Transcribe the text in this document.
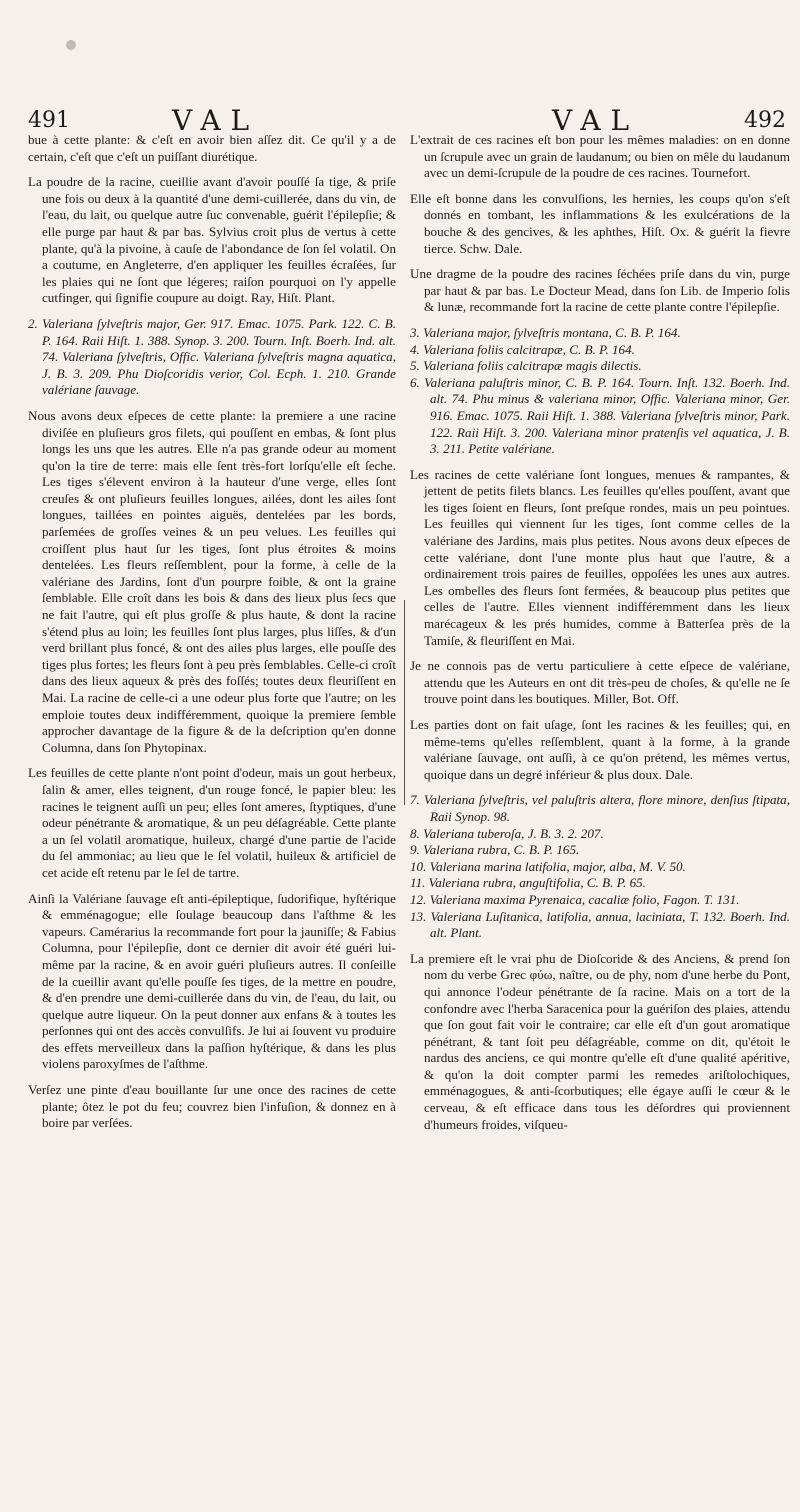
491	VAL	VAL	492

bue à cette plante: & c'eſt en avoir bien aſſez dit. Ce qu'il y a de certain, c'eſt que c'eſt un puiſſant diurétique.

La poudre de la racine, cueillie avant d'avoir pouſſé ſa tige, & priſe une fois ou deux à la quantité d'une demi-cuillerée, dans du vin, de l'eau, du lait, ou quelque autre ſuc convenable, guérit l'épilepſie; & elle purge par haut & par bas. Sylvius croit plus de vertus à cette plante, qu'à la pivoine, à cauſe de l'abondance de ſon ſel volatil. On a coutume, en Angleterre, d'en appliquer les feuilles écraſées, ſur les plaies qui ne ſont que légeres; raiſon pourquoi on l'y appelle cutfinger, qui ſignifie coupure au doigt. Ray, Hiſt. Plant.

2. Valeriana ſylveſtris major, Ger. 917. Emac. 1075. Park. 122. C. B. P. 164. Raii Hiſt. 1. 388. Synop. 3. 200. Tourn. Inſt. Boerh. Ind. alt. 74. Valeriana ſylveſtris, Offic. Valeriana ſylveſtris magna aquatica, J. B. 3. 209. Phu Dioſcoridis verior, Col. Ecph. 1. 210. Grande valériane ſauvage.

Nous avons deux eſpeces de cette plante: la premiere a une racine diviſée en pluſieurs gros filets, qui pouſſent en embas, & ſont plus longs les uns que les autres. Elle n'a pas grande odeur au moment qu'on la tire de terre: mais elle ſent très-fort lorſqu'elle eſt ſeche. Les tiges s'élevent environ à la hauteur d'une verge, elles ſont creuſes & ont pluſieurs feuilles longues, ailées, dont les ailes ſont longues, taillées en pointes aiguës, dentelées par les bords, parſemées de groſſes veines & un peu velues. Les feuilles qui croiſſent plus haut ſur les tiges, ſont plus étroites & moins dentelées. Les fleurs reſſemblent, pour la forme, à celle de la valériane des Jardins, ſont d'un pourpre foible, & ont la graine ſemblable. Elle croît dans les bois & dans des lieux plus ſecs que ne fait l'autre, qui eſt plus groſſe & plus haute, & dont la racine s'étend plus au loin; les feuilles ſont plus larges, plus liſſes, & d'un verd brillant plus foncé, & ont des ailes plus larges, elle pouſſe des tiges plus fortes; les fleurs ſont à peu près ſemblables. Celle-ci croît dans des lieux aqueux & près des foſſés; toutes deux fleuriſſent en Mai. La racine de celle-ci a une odeur plus forte que l'autre; on les emploie toutes deux indifféremment, quoique la premiere ſemble approcher davantage de la figure & de la deſcription qu'en donne Columna, dans ſon Phytopinax.

Les feuilles de cette plante n'ont point d'odeur, mais un gout herbeux, ſalin & amer, elles teignent, d'un rouge foncé, le papier bleu: les racines le teignent auſſi un peu; elles ſont ameres, ſtyptiques, d'une odeur pénétrante & aromatique, & un peu déſagréable. Cette plante a un ſel volatil aromatique, huileux, chargé d'une partie de l'acide du ſel ammoniac; au lieu que le ſel volatil, huileux & artificiel de cet acide eſt retenu par le ſel de tartre.

Ainſi la Valériane ſauvage eſt anti-épileptique, ſudorifique, hyſtérique & emménagogue; elle ſoulage beaucoup dans l'aſthme & les vapeurs. Camérarius la recommande fort pour la jauniſſe; & Fabius Columna, pour l'épilepſie, dont ce dernier dit avoir été guéri lui-même par la racine, & en avoir guéri pluſieurs autres. Il conſeille de la cueillir avant qu'elle pouſſe ſes tiges, de la mettre en poudre, & d'en prendre une demi-cuillerée dans du vin, de l'eau, du lait, ou quelque autre liqueur. On la peut donner aux enfans & à toutes les perſonnes qui ont des accès convulſifs. Je lui ai ſouvent vu produire des effets merveilleux dans la paſſion hyſtérique, & dans les plus violens paroxyſmes de l'aſthme.

Verſez une pinte d'eau bouillante ſur une once des racines de cette plante; ôtez le pot du feu; couvrez bien l'infuſion, & donnez en à boire par verſées.

L'extrait de ces racines eſt bon pour les mêmes maladies: on en donne un ſcrupule avec un grain de laudanum; ou bien on mêle du laudanum avec un demi-ſcrupule de la poudre de ces racines. Tournefort.

Elle eſt bonne dans les convulſions, les hernies, les coups qu'on s'eſt donnés en tombant, les inflammations & les exulcérations de la bouche & des gencives, & les aphthes, Hiſt. Ox. & guérit la fievre tierce. Schw. Dale.

Une dragme de la poudre des racines ſéchées priſe dans du vin, purge par haut & par bas. Le Docteur Mead, dans ſon Lib. de Imperio ſolis & lunæ, recommande fort la racine de cette plante contre l'épilepſie.

3. Valeriana major, ſylveſtris montana, C. B. P. 164.
4. Valeriana foliis calcitrapæ, C. B. P. 164.
5. Valeriana foliis calcitrapæ magis dilectis.
6. Valeriana paluſtris minor, C. B. P. 164. Tourn. Inſt. 132. Boerh. Ind. alt. 74. Phu minus & valeriana minor, Offic. Valeriana minor, Ger. 916. Emac. 1075. Raii Hiſt. 1. 388. Valeriana ſylveſtris minor, Park. 122. Raii Hiſt. 3. 200. Valeriana minor pratenſis vel aquatica, J. B. 3. 211. Petite valériane.

Les racines de cette valériane ſont longues, menues & rampantes, & jettent de petits filets blancs. Les feuilles qu'elles pouſſent, avant que les tiges ſoient en fleurs, ſont preſque rondes, mais un peu pointues. Les feuilles qui viennent ſur les tiges, ſont comme celles de la valériane des Jardins, mais plus petites. Nous avons deux eſpeces de cette valériane, dont l'une monte plus haut que l'autre, & a ordinairement trois paires de feuilles, oppoſées les unes aux autres. Les ombelles des fleurs ſont fermées, & beaucoup plus petites que celles de l'autre. Elles viennent indifféremment dans les lieux marécageux & les prés humides, comme à Batterſea près de la Tamiſe, & fleuriſſent en Mai.

Je ne connois pas de vertu particuliere à cette eſpece de valériane, attendu que les Auteurs en ont dit très-peu de choſes, & qu'elle ne ſe trouve point dans les boutiques. Miller, Bot. Off.

Les parties dont on fait uſage, ſont les racines & les feuilles; qui, en même-tems qu'elles reſſemblent, quant à la forme, à la grande valériane ſauvage, ont auſſi, à ce qu'on prétend, les mêmes vertus, quoique dans un degré inférieur & plus doux. Dale.

7. Valeriana ſylveſtris, vel paluſtris altera, flore minore, denſius ſtipata, Raii Synop. 98.
8. Valeriana tuberoſa, J. B. 3. 2. 207.
9. Valeriana rubra, C. B. P. 165.
10. Valeriana marina latifolia, major, alba, M. V. 50.
11. Valeriana rubra, anguſtifolia, C. B. P. 65.
12. Valeriana maxima Pyrenaica, cacaliæ folio, Fagon. T. 131.
13. Valeriana Luſitanica, latifolia, annua, laciniata, T. 132. Boerh. Ind. alt. Plant.

La premiere eſt le vrai phu de Dioſcoride & des Anciens, & prend ſon nom du verbe Grec φύω, naître, ou de phy, nom d'une herbe du Pont, qui annonce l'odeur pénétrante de ſa racine. Mais on a tort de la confondre avec l'herba Saracenica pour la guériſon des plaies, attendu que ſon gout fait voir le contraire; car elle eſt d'un gout aromatique pénétrant, & tant ſoit peu déſagréable, comme on dit, qu'étoit le nardus des anciens, ce qui montre qu'elle eſt d'une qualité apéritive, & qu'on la doit compter parmi les remedes ariſtolochiques, emménagogues, & anti-ſcorbutiques; elle égaye auſſi le cœur & le cerveau, & eſt efficace dans tous les déſordres qui proviennent d'humeurs froides, viſqueu-
